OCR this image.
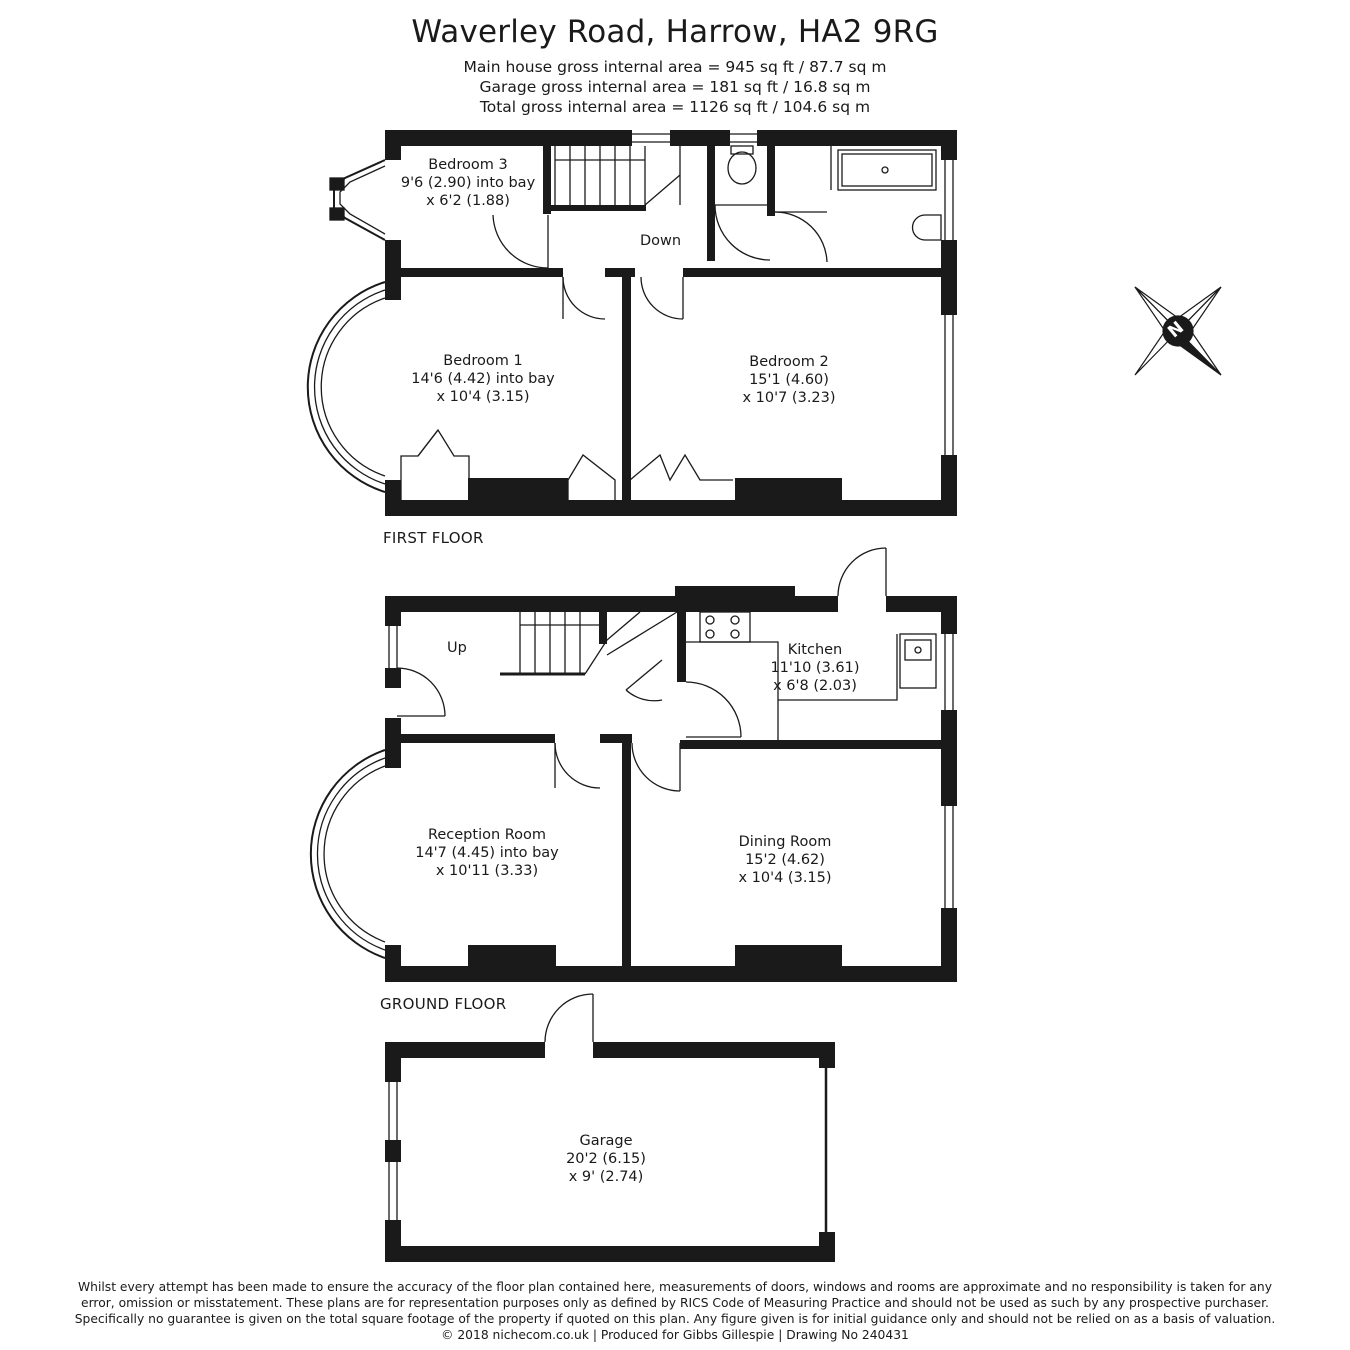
Waverley Road, Harrow, HA2 9RG
Main house gross internal area = 945 sq ft / 87.7 sq m
Garage gross internal area = 181 sq ft / 16.8 sq m
Total gross internal area = 1126 sq ft / 104.6 sq m
N
Bedroom 3
9'6 (2.90) into bay
x 6'2 (1.88)
Down
Bedroom 1
14'6 (4.42) into bay
x 10'4 (3.15)
Bedroom 2
15'1 (4.60)
x 10'7 (3.23)
FIRST FLOOR
Up	Kitchen
11'10 (3.61)
x 6'8 (2.03)
Reception Room
14'7 (4.45) into bay
x 10'11 (3.33)
Dining Room
15'2 (4.62)
x 10'4 (3.15)
GROUND FLOOR
Garage
20'2 (6.15)
x 9' (2.74)
Whilst every attempt has been made to ensure the accuracy of the floor plan contained here, measurements of doors, windows and rooms are approximate and no responsibility is taken for any
error, omission or misstatement. These plans are for representation purposes only as defined by RICS Code of Measuring Practice and should not be used as such by any prospective purchaser.
Specifically no guarantee is given on the total square footage of the property if quoted on this plan. Any figure given is for initial guidance only and should not be relied on as a basis of valuation.
© 2018 nichecom.co.uk | Produced for Gibbs Gillespie | Drawing No 240431
